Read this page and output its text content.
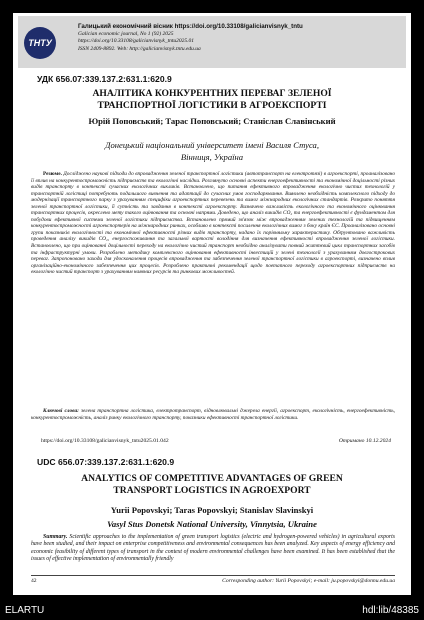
ТНТУ
Галицький економічний вісник https://doi.org/10.33108/galicianvisnyk_tntu
Galician economic journal, No 1 (92) 2025
https://doi.org/10.33108/galicianvisnyk_tntu2025.01
ISSN 2409-8892. Web: http://galicianvisnyk.tntu.edu.ua
УДК 656.07:339.137.2:631.1:620.9
АНАЛІТИКА КОНКУРЕНТНИХ ПЕРЕВАГ ЗЕЛЕНОЇ
ТРАНСПОРТНОЇ ЛОГІСТИКИ В АГРОЕКСПОРТІ
Юрій Поповський; Тарас Поповський; Станіслав Славінський
Донецький національний університет імені Василя Стуса,
Вінниця, Україна
Резюме. Досліджено наукові підходи до впровадження зеленої транспортної логістики (автотранспорт на електротязі) в агроекспорті, проаналізовано її вплив на конкурентоспроможність підприємств та екологічні наслідки. Розглянуто основні аспекти енергоефективності та економічної доцільності різних видів транспорту в контексті сучасних екологічних викликів. Встановлено, що питання ефективного впровадження екологічно чистих технологій у транспортній логістиці потребують подальшого вивчення та адаптації до сучасних умов господарювання. Виявлено необхідність комплексного підходу до модернізації транспортного парку з урахуванням специфіки агроекспортних перевезень та вимог міжнародних екологічних стандартів. Розкрито поняття зеленої транспортної логістики, її сутність та завдання в контексті агроекспорту. Визначено важливість екологічного та економічного оцінювання транспортних процесів, окреслено мету такого оцінювання та основні напрями. Доведено, що аналіз викидів CO₂ та енергоефективності є фундаментом для побудови ефективної системи зеленої логістики підприємства. Встановлено прямий зв'язок між впровадженням зелених технологій та підвищенням конкурентоспроможності агроекспортерів на міжнародних ринках, особливо в контексті посилення екологічних вимог з боку країн ЄС. Проаналізовано основні групи показників екологічності та економічної ефективності різних видів транспорту, надано їх порівняльну характеристику. Обґрунтовано важливість проведення аналізу викидів CO₂, енергоспоживання та загальної вартості володіння для визначення ефективності впровадження зеленої логістики. Встановлено, що при оцінюванні доцільності переходу на екологічно чистий транспорт необхідно аналізувати повний життєвий цикл транспортних засобів та інфраструктурні умови. Розроблено методику комплексного оцінювання ефективності інвестицій у зелені технології з урахуванням довгострокових переваг. Запропоновано заходи для удосконалення процесів впровадження та забезпечення зеленої транспортної логістики в агроекспорті, визначено вплив організаційно-економічного забезпечення цих процесів. Розроблено практичні рекомендації щодо поетапного переходу агроекспортних підприємств на екологічно чистий транспорт з урахуванням наявних ресурсів та ринкових можливостей.
Ключові слова: зелена транспортна логістика, електротранспорт, відновлювальні джерела енергії, агроекспорт, екологічність, енергоефективність, конкурентоспроможність, аналіз ринку екологічного транспорту, показники ефективності транспортної логістики.
https://doi.org/10.33108/galicianvisnyk_tntu2025.01.042	Отримано 10.12.2024
UDC 656.07:339.137.2:631.1:620.9
ANALYTICS OF COMPETITIVE ADVANTAGES OF GREEN
TRANSPORT LOGISTICS IN AGROEXPORT
Yurii Popovskyi; Taras Popovskyi; Stanislav Slavinskyi
Vasyl Stus Donetsk National University, Vinnytsia, Ukraine
Summary. Scientific approaches to the implementation of green transport logistics (electric and hydrogen-powered vehicles) in agricultural exports have been studied, and their impact on enterprise competitiveness and environmental consequences has been analyzed. Key aspects of energy efficiency and economic feasibility of different types of transport in the context of modern environmental challenges have been examined. It has been established that the issues of effective implementation of environmentally friendly
42	Corresponding author: Yurii Popovskyi; e-mail: ju.popovskyi@donnu.edu.ua
ELARTU	hdl:lib/48385
